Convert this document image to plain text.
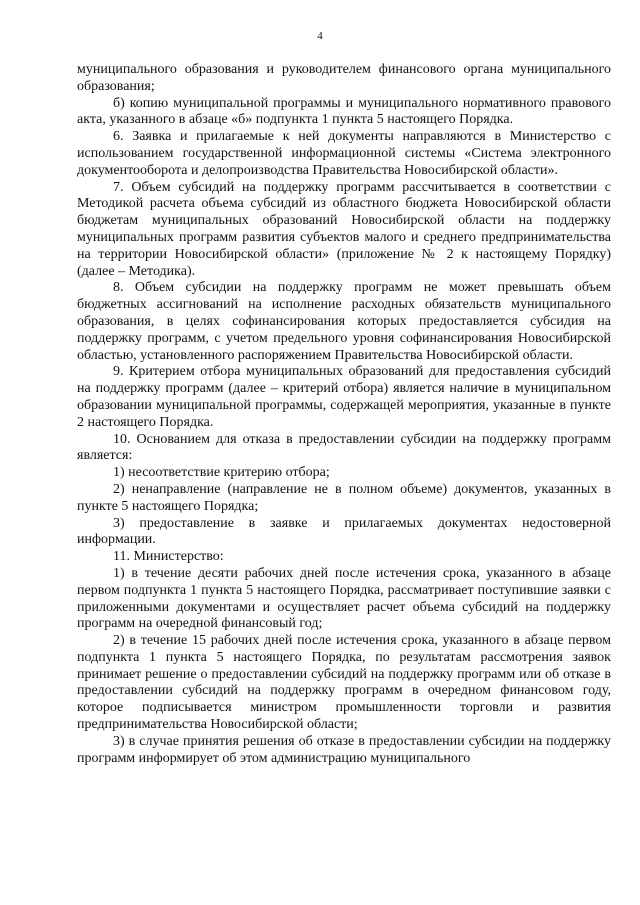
4

муниципального образования и руководителем финансового органа муниципального образования;

б) копию муниципальной программы и муниципального нормативного правового акта, указанного в абзаце «б» подпункта 1 пункта 5 настоящего Порядка.

6. Заявка и прилагаемые к ней документы направляются в Министерство с использованием государственной информационной системы «Система электронного документооборота и делопроизводства Правительства Новосибирской области».

7. Объем субсидий на поддержку программ рассчитывается в соответствии с Методикой расчета объема субсидий из областного бюджета Новосибирской области бюджетам муниципальных образований Новосибирской области на поддержку муниципальных программ развития субъектов малого и среднего предпринимательства на территории Новосибирской области» (приложение № 2 к настоящему Порядку) (далее – Методика).

8. Объем субсидии на поддержку программ не может превышать объем бюджетных ассигнований на исполнение расходных обязательств муниципального образования, в целях софинансирования которых предоставляется субсидия на поддержку программ, с учетом предельного уровня софинансирования Новосибирской областью, установленного распоряжением Правительства Новосибирской области.

9. Критерием отбора муниципальных образований для предоставления субсидий на поддержку программ (далее – критерий отбора) является наличие в муниципальном образовании муниципальной программы, содержащей мероприятия, указанные в пункте 2 настоящего Порядка.

10. Основанием для отказа в предоставлении субсидии на поддержку программ является:

1) несоответствие критерию отбора;

2) ненаправление (направление не в полном объеме) документов, указанных в пункте 5 настоящего Порядка;

3) предоставление в заявке и прилагаемых документах недостоверной информации.

11. Министерство:

1) в течение десяти рабочих дней после истечения срока, указанного в абзаце первом подпункта 1 пункта 5 настоящего Порядка, рассматривает поступившие заявки с приложенными документами и осуществляет расчет объема субсидий на поддержку программ на очередной финансовый год;

2) в течение 15 рабочих дней после истечения срока, указанного в абзаце первом подпункта 1 пункта 5 настоящего Порядка, по результатам рассмотрения заявок принимает решение о предоставлении субсидий на поддержку программ или об отказе в предоставлении субсидий на поддержку программ в очередном финансовом году, которое подписывается министром промышленности торговли и развития предпринимательства Новосибирской области;

3) в случае принятия решения об отказе в предоставлении субсидии на поддержку программ информирует об этом администрацию муниципального
